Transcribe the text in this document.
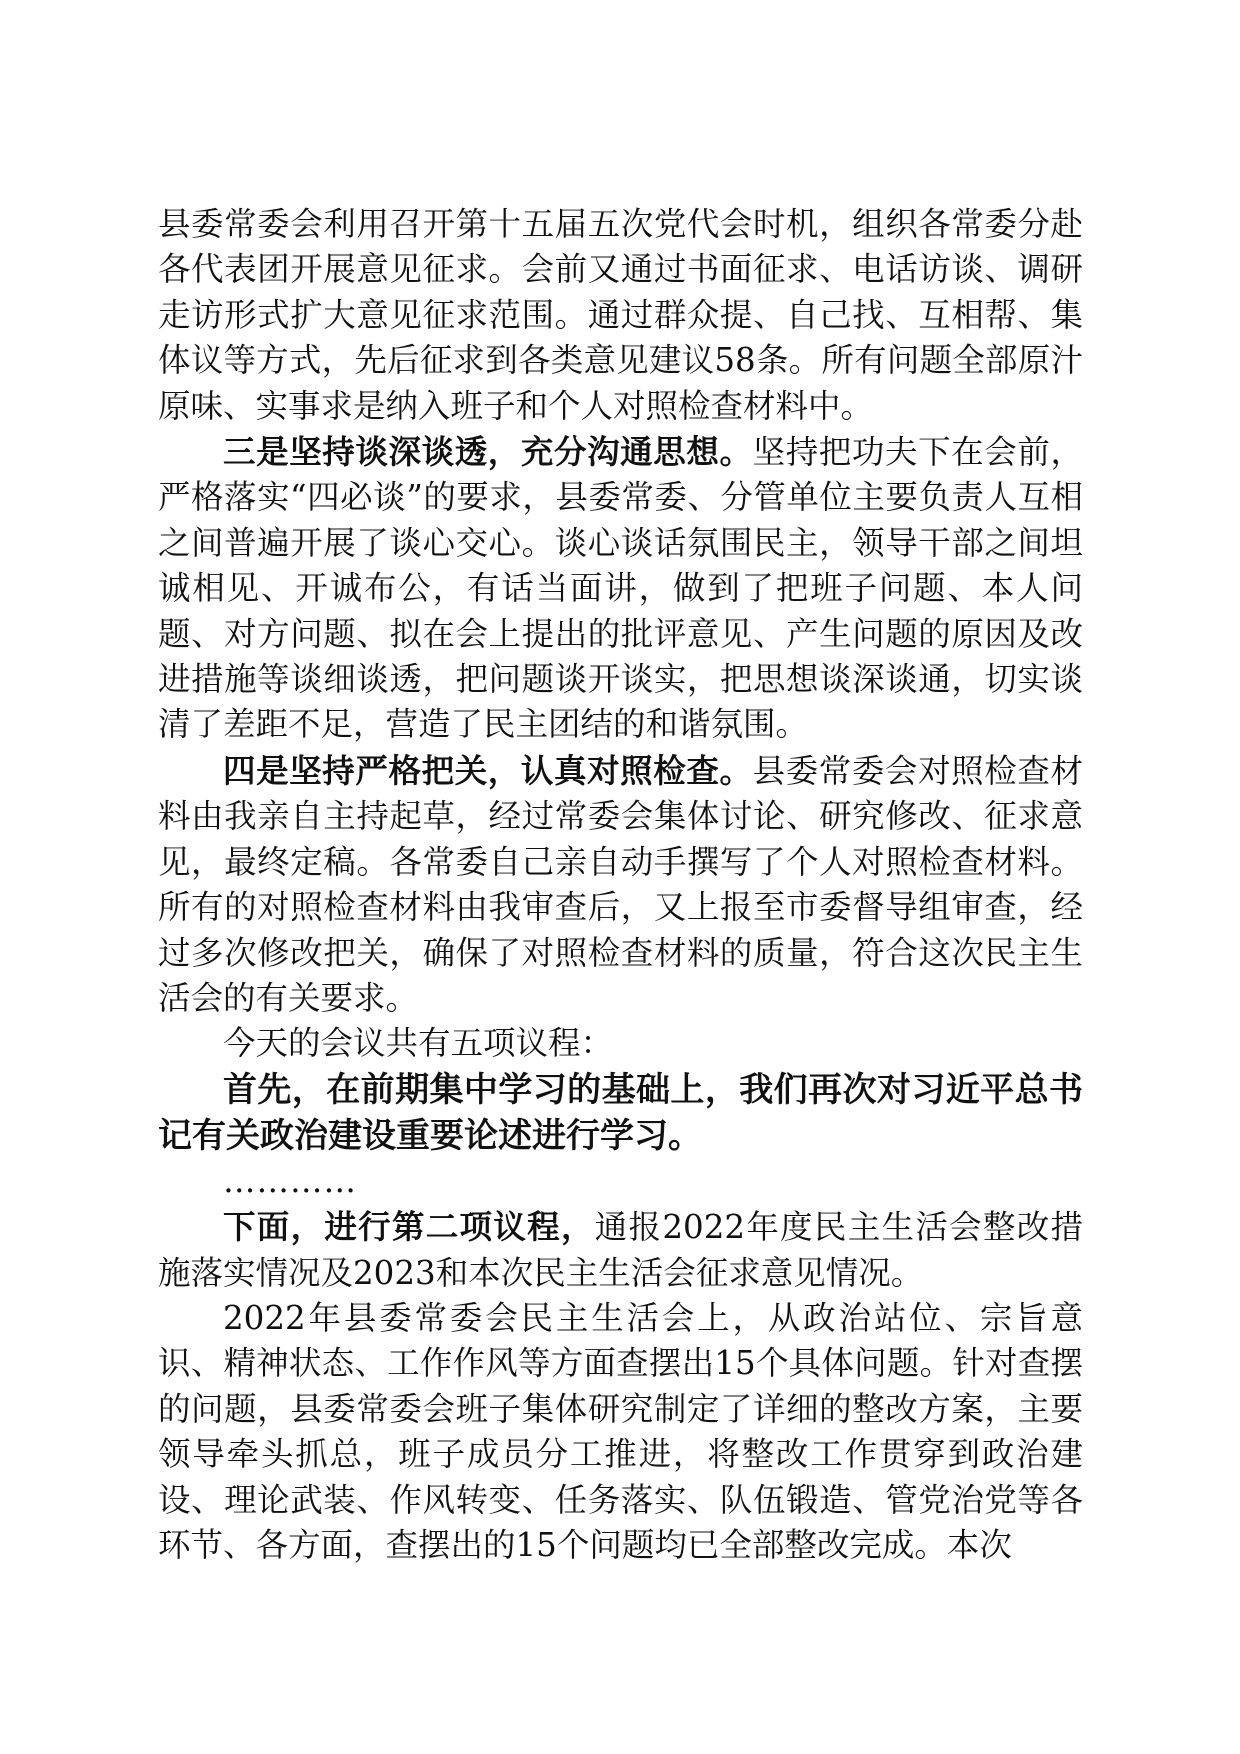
县委常委会利用召开第十五届五次党代会时机，组织各常委分赴各代表团开展意见征求。会前又通过书面征求、电话访谈、调研走访形式扩大意见征求范围。通过群众提、自己找、互相帮、集体议等方式，先后征求到各类意见建议58条。所有问题全部原汁原味、实事求是纳入班子和个人对照检查材料中。

三是坚持谈深谈透，充分沟通思想。坚持把功夫下在会前，严格落实“四必谈”的要求，县委常委、分管单位主要负责人互相之间普遍开展了谈心交心。谈心谈话氛围民主，领导干部之间坦诚相见、开诚布公，有话当面讲，做到了把班子问题、本人问题、对方问题、拟在会上提出的批评意见、产生问题的原因及改进措施等谈细谈透，把问题谈开谈实，把思想谈深谈通，切实谈清了差距不足，营造了民主团结的和谐氛围。

四是坚持严格把关，认真对照检查。县委常委会对照检查材料由我亲自主持起草，经过常委会集体讨论、研究修改、征求意见，最终定稿。各常委自己亲自动手撰写了个人对照检查材料。所有的对照检查材料由我审查后，又上报至市委督导组审查，经过多次修改把关，确保了对照检查材料的质量，符合这次民主生活会的有关要求。

今天的会议共有五项议程：

首先，在前期集中学习的基础上，我们再次对习近平总书记有关政治建设重要论述进行学习。

…………

下面，进行第二项议程，通报2022年度民主生活会整改措施落实情况及2023和本次民主生活会征求意见情况。

2022年县委常委会民主生活会上，从政治站位、宗旨意识、精神状态、工作作风等方面查摆出15个具体问题。针对查摆的问题，县委常委会班子集体研究制定了详细的整改方案，主要领导牵头抓总，班子成员分工推进，将整改工作贯穿到政治建设、理论武装、作风转变、任务落实、队伍锻造、管党治党等各环节、各方面，查摆出的15个问题均已全部整改完成。本次
